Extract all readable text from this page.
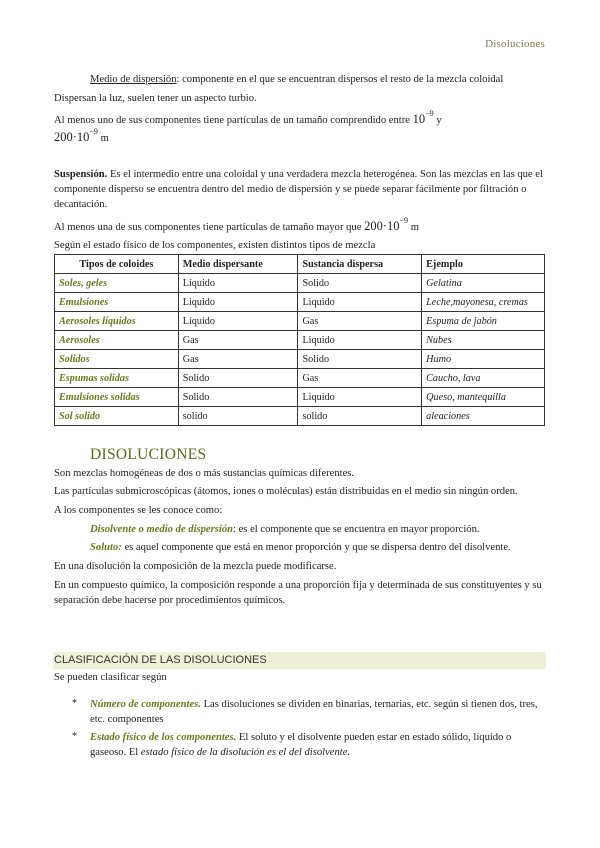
Disoluciones

Medio de dispersión: componente en el que se encuentran dispersos el resto de la mezcla coloidal

Dispersan la luz, suelen tener un aspecto turbio.

Al menos uno de sus componentes tiene partículas de un tamaño comprendido entre $10^{-9}$ y
$200\cdot 10^{-9}$ m

Suspensión. Es el intermedio entre una coloidal y una verdadera mezcla heterogénea. Son las mezclas en las que el componente disperso se encuentra dentro del medio de dispersión y se puede separar fácilmente por filtración o decantación.

Al menos una de sus componentes tiene partículas de tamaño mayor que $200\cdot 10^{-9}$ m

Según el estado físico de los componentes, existen distintos tipos de mezcla

Tipos de coloides	Medio dispersante	Sustancia dispersa	Ejemplo
Soles, geles	Líquido	Solido	Gelatina
Emulsiones	Liquido	Liquido	Leche,mayonesa, cremas
Aerosoles líquidos	Liquido	Gas	Espuma de jabón
Aerosoles	Gas	Liquido	Nubes
Solidos	Gas	Solido	Humo
Espumas solidas	Solido	Gas	Caucho, lava
Emulsiones solidas	Solido	Liquido	Queso, mantequilla
Sol solido	solido	solido	aleaciones
DISOLUCIONES

Son mezclas homogéneas de dos o más sustancias químicas diferentes.

Las partículas submicroscópicas (átomos, iones o moléculas) están distribuidas en el medio sin ningún orden.

A los componentes se les conoce como:

Disolvente o medio de dispersión: es el componente que se encuentra en mayor proporción.

Soluto: es aquel componente que está en menor proporción y que se dispersa dentro del disolvente.

En una disolución la composición de la mezcla puede modificarse.

En un compuesto químico, la composición responde a una proporción fija y determinada de sus constituyentes y su separación debe hacerse por procedimientos químicos.

CLASIFICACIÓN DE LAS DISOLUCIONES
Se pueden clasificar según
* Número de componentes. Las disoluciones se dividen en binarias, ternarias, etc. según si tienen dos, tres, etc. componentes

* Estado físico de los componentes. El soluto y el disolvente pueden estar en estado sólido, líquido o gaseoso. El estado físico de la disolución es el del disolvente.
